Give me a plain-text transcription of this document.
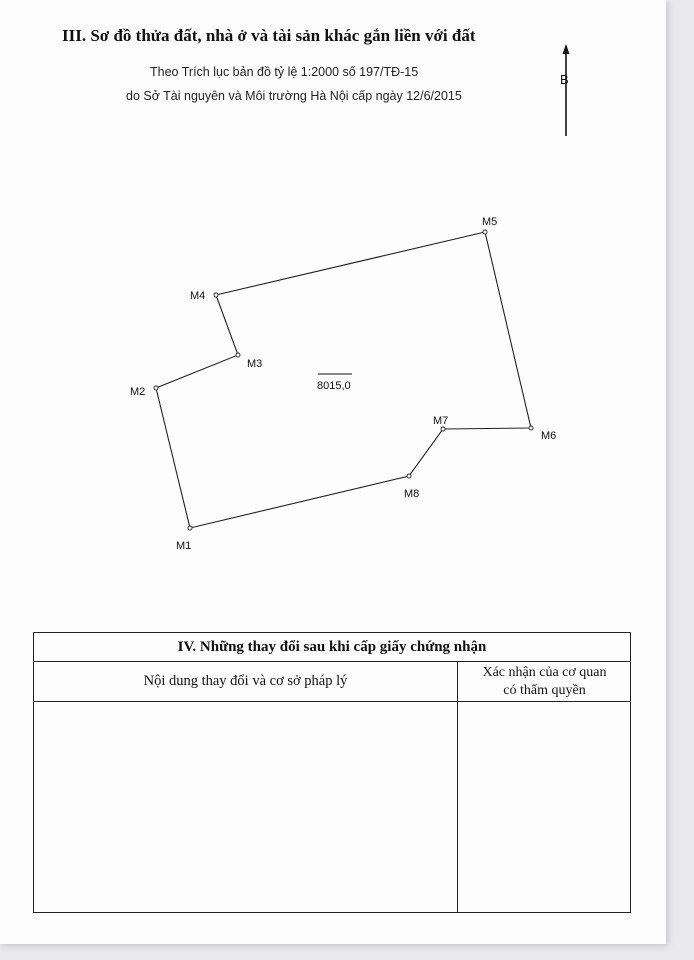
III. Sơ đồ thửa đất, nhà ở và tài sản khác gắn liền với đất
Theo Trích lục bản đồ tỷ lệ 1:2000 số 197/TĐ-15
do Sở Tài nguyên và Môi trường Hà Nội cấp ngày 12/6/2015
B
M1
M2
M3
M4
M5
M6
M7
M8
8015,0
IV. Những thay đổi sau khi cấp giấy chứng nhận
Nội dung thay đổi và cơ sở pháp lý
Xác nhận của cơ quan
có thẩm quyền
